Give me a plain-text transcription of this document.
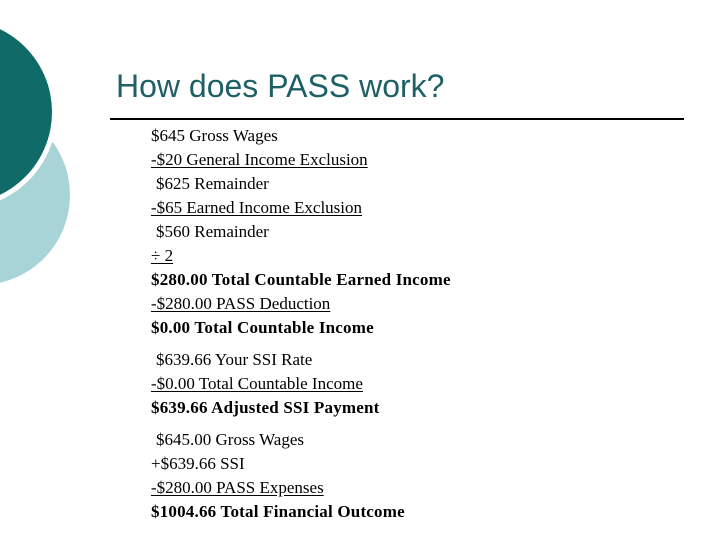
How does PASS work?
$645 Gross Wages
-$20 General Income Exclusion
$625 Remainder
-$65 Earned Income Exclusion
$560 Remainder
÷ 2
$280.00 Total Countable Earned Income
-$280.00 PASS Deduction
$0.00 Total Countable Income
$639.66 Your SSI Rate
-$0.00 Total Countable Income
$639.66 Adjusted SSI Payment
$645.00 Gross Wages
+$639.66 SSI
-$280.00 PASS Expenses
$1004.66 Total Financial Outcome
